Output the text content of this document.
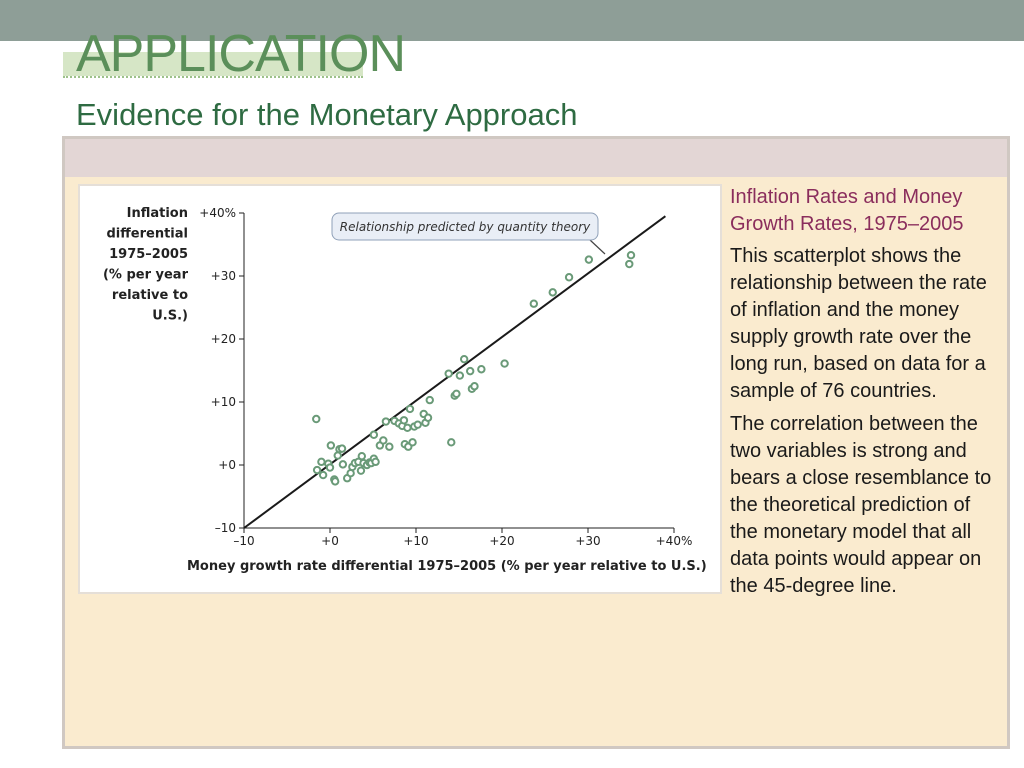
APPLICATION
Evidence for the Monetary Approach
–10
+0
+10
+20
+30
+40%
–10	+0	+10	+20	+30	+40%
Inflation
differential
1975–2005
(% per year
relative to
U.S.)
Money growth rate differential 1975–2005 (% per year relative to U.S.)
Relationship predicted by quantity theory
Inflation Rates and Money Growth Rates, 1975–2005

This scatterplot shows the relationship between the rate of inflation and the money supply growth rate over the long run, based on data for a sample of 76 countries.

The correlation between the two variables is strong and bears a close resemblance to the theoretical prediction of the monetary model that all data points would appear on the 45-degree line.
